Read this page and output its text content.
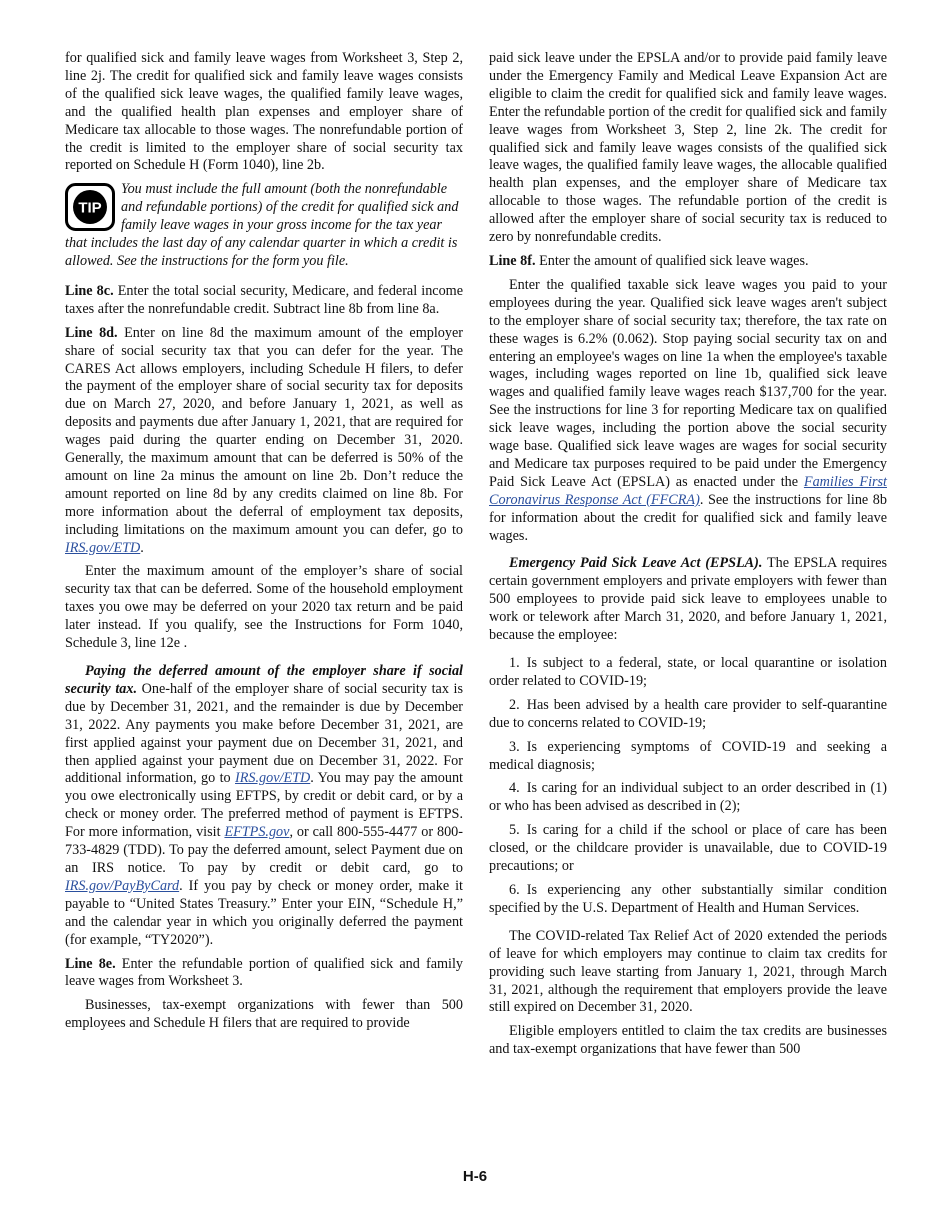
for qualified sick and family leave wages from Worksheet 3, Step 2, line 2j. The credit for qualified sick and family leave wages consists of the qualified sick leave wages, the qualified family leave wages, and the qualified health plan expenses and employer share of Medicare tax allocable to those wages. The nonrefundable portion of the credit is limited to the employer share of social security tax reported on Schedule H (Form 1040), line 2b.

TIP
You must include the full amount (both the nonrefundable and refundable portions) of the credit for qualified sick and family leave wages in your gross income for the tax year that includes the last day of any calendar quarter in which a credit is allowed. See the instructions for the form you file.

Line 8c. Enter the total social security, Medicare, and federal income taxes after the nonrefundable credit. Subtract line 8b from line 8a.

Line 8d. Enter on line 8d the maximum amount of the employer share of social security tax that you can defer for the year. The CARES Act allows employers, including Schedule H filers, to defer the payment of the employer share of social security tax for deposits due on March 27, 2020, and before January 1, 2021, as well as deposits and payments due after January 1, 2021, that are required for wages paid during the quarter ending on December 31, 2020. Generally, the maximum amount that can be deferred is 50% of the amount on line 2a minus the amount on line 2b. Don’t reduce the amount reported on line 8d by any credits claimed on line 8b. For more information about the deferral of employment tax deposits, including limitations on the maximum amount you can defer, go to IRS.gov/ETD.

Enter the maximum amount of the employer’s share of social security tax that can be deferred. Some of the household employment taxes you owe may be deferred on your 2020 tax return and be paid later instead. If you qualify, see the Instructions for Form 1040, Schedule 3, line 12e .

Paying the deferred amount of the employer share if social security tax. One-half of the employer share of social security tax is due by December 31, 2021, and the remainder is due by December 31, 2022. Any payments you make before December 31, 2021, are first applied against your payment due on December 31, 2021, and then applied against your payment due on December 31, 2022. For additional information, go to IRS.gov/ETD. You may pay the amount you owe electronically using EFTPS, by credit or debit card, or by a check or money order. The preferred method of payment is EFTPS. For more information, visit EFTPS.gov, or call 800-555-4477 or 800-733-4829 (TDD). To pay the deferred amount, select Payment due on an IRS notice. To pay by credit or debit card, go to IRS.gov/PayByCard. If you pay by check or money order, make it payable to “United States Treasury.” Enter your EIN, “Schedule H,” and the calendar year in which you originally deferred the payment (for example, “TY2020”).

Line 8e. Enter the refundable portion of qualified sick and family leave wages from Worksheet 3.

Businesses, tax-exempt organizations with fewer than 500 employees and Schedule H filers that are required to provide

paid sick leave under the EPSLA and/or to provide paid family leave under the Emergency Family and Medical Leave Expansion Act are eligible to claim the credit for qualified sick and family leave wages. Enter the refundable portion of the credit for qualified sick and family leave wages from Worksheet 3, Step 2, line 2k. The credit for qualified sick and family leave wages consists of the qualified sick leave wages, the qualified family leave wages, the allocable qualified health plan expenses, and the employer share of Medicare tax allocable to those wages. The refundable portion of the credit is allowed after the employer share of social security tax is reduced to zero by nonrefundable credits.

Line 8f. Enter the amount of qualified sick leave wages.

Enter the qualified taxable sick leave wages you paid to your employees during the year. Qualified sick leave wages aren't subject to the employer share of social security tax; therefore, the tax rate on these wages is 6.2% (0.062). Stop paying social security tax on and entering an employee's wages on line 1a when the employee's taxable wages, including wages reported on line 1b, qualified sick leave wages and qualified family leave wages reach $137,700 for the year. See the instructions for line 3 for reporting Medicare tax on qualified sick leave wages, including the portion above the social security wage base. Qualified sick leave wages are wages for social security and Medicare tax purposes required to be paid under the Emergency Paid Sick Leave Act (EPSLA) as enacted under the Families First Coronavirus Response Act (FFCRA). See the instructions for line 8b for information about the credit for qualified sick and family leave wages.

Emergency Paid Sick Leave Act (EPSLA). The EPSLA requires certain government employers and private employers with fewer than 500 employees to provide paid sick leave to employees unable to work or telework after March 31, 2020, and before January 1, 2021, because the employee:

1. Is subject to a federal, state, or local quarantine or isolation order related to COVID-19;

2. Has been advised by a health care provider to self-quarantine due to concerns related to COVID-19;

3. Is experiencing symptoms of COVID-19 and seeking a medical diagnosis;

4. Is caring for an individual subject to an order described in (1) or who has been advised as described in (2);

5. Is caring for a child if the school or place of care has been closed, or the childcare provider is unavailable, due to COVID-19 precautions; or

6. Is experiencing any other substantially similar condition specified by the U.S. Department of Health and Human Services.

The COVID-related Tax Relief Act of 2020 extended the periods of leave for which employers may continue to claim tax credits for providing such leave starting from January 1, 2021, through March 31, 2021, although the requirement that employers provide the leave still expired on December 31, 2020.

Eligible employers entitled to claim the tax credits are businesses and tax-exempt organizations that have fewer than 500

H-6
